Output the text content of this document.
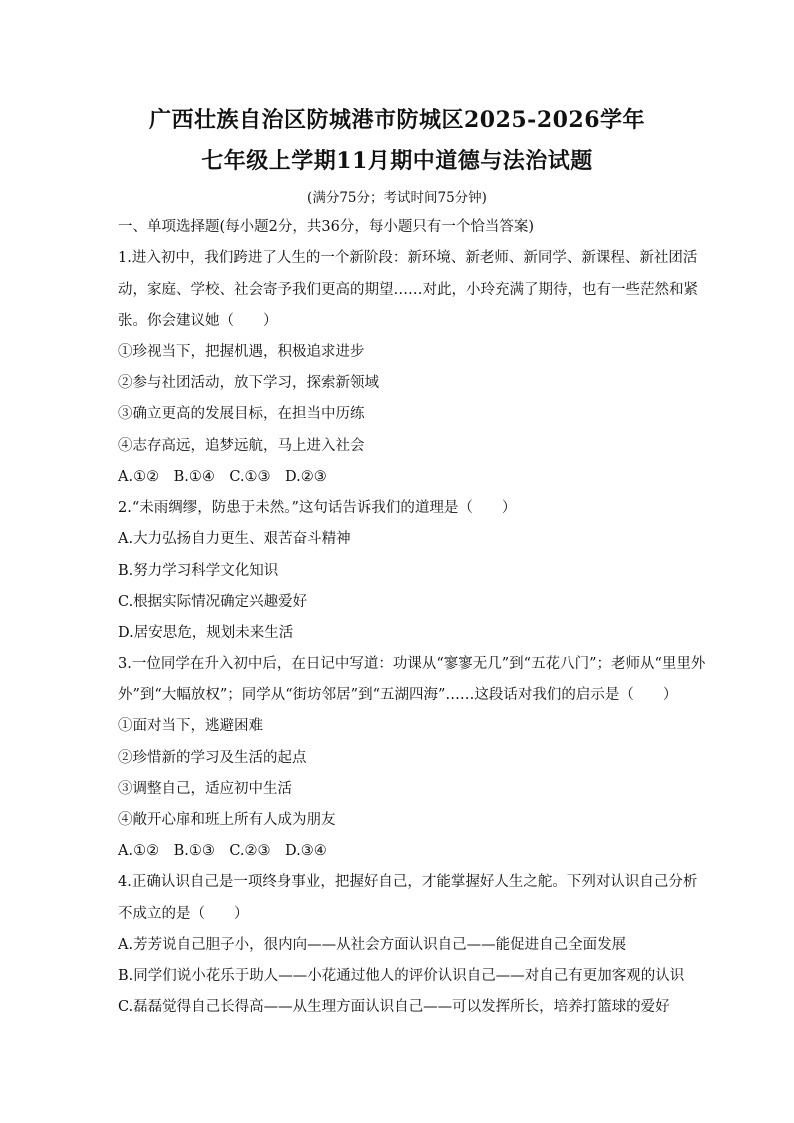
广西壮族自治区防城港市防城区2025-2026学年
七年级上学期11月期中道德与法治试题
(满分75分；考试时间75分钟)
一、单项选择题(每小题2分，共36分，每小题只有一个恰当答案)
1.进入初中，我们跨进了人生的一个新阶段：新环境、新老师、新同学、新课程、新社团活
动，家庭、学校、社会寄予我们更高的期望……对此，小玲充满了期待，也有一些茫然和紧
张。你会建议她（　　）
①珍视当下，把握机遇，积极追求进步
②参与社团活动，放下学习，探索新领域
③确立更高的发展目标，在担当中历练
④志存高远，追梦远航，马上进入社会
A.①②　B.①④　C.①③　D.②③
2.“未雨绸缪，防患于未然。”这句话告诉我们的道理是（　　）
A.大力弘扬自力更生、艰苦奋斗精神
B.努力学习科学文化知识
C.根据实际情况确定兴趣爱好
D.居安思危，规划未来生活
3.一位同学在升入初中后，在日记中写道：功课从“寥寥无几”到“五花八门”；老师从“里里外
外”到“大幅放权”；同学从“街坊邻居”到“五湖四海”……这段话对我们的启示是（　　）
①面对当下，逃避困难
②珍惜新的学习及生活的起点
③调整自己，适应初中生活
④敞开心扉和班上所有人成为朋友
A.①②　B.①③　C.②③　D.③④
4.正确认识自己是一项终身事业，把握好自己，才能掌握好人生之舵。下列对认识自己分析
不成立的是（　　）
A.芳芳说自己胆子小，很内向——从社会方面认识自己——能促进自己全面发展
B.同学们说小花乐于助人——小花通过他人的评价认识自己——对自己有更加客观的认识
C.磊磊觉得自己长得高——从生理方面认识自己——可以发挥所长，培养打篮球的爱好
